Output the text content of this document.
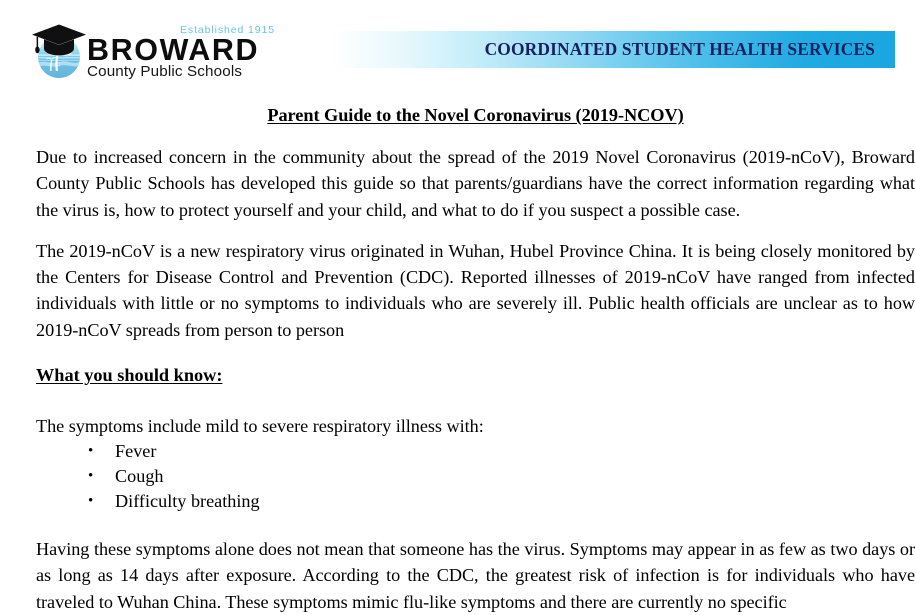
Established 1915
BROWARD
County Public Schools
COORDINATED STUDENT HEALTH SERVICES
Parent Guide to the Novel Coronavirus (2019-NCOV)

Due to increased concern in the community about the spread of the 2019 Novel Coronavirus (2019-nCoV), Broward County Public Schools has developed this guide so that parents/guardians have the correct information regarding what the virus is, how to protect yourself and your child, and what to do if you suspect a possible case.

The 2019-nCoV is a new respiratory virus originated in Wuhan, Hubel Province China. It is being closely monitored by the Centers for Disease Control and Prevention (CDC). Reported illnesses of 2019-nCoV have ranged from infected individuals with little or no symptoms to individuals who are severely ill. Public health officials are unclear as to how 2019-nCoV spreads from person to person

What you should know:

The symptoms include mild to severe respiratory illness with:

• Fever
• Cough
• Difficulty breathing

Having these symptoms alone does not mean that someone has the virus. Symptoms may appear in as few as two days or as long as 14 days after exposure. According to the CDC, the greatest risk of infection is for individuals who have traveled to Wuhan China. These symptoms mimic flu-like symptoms and there are currently no specific
